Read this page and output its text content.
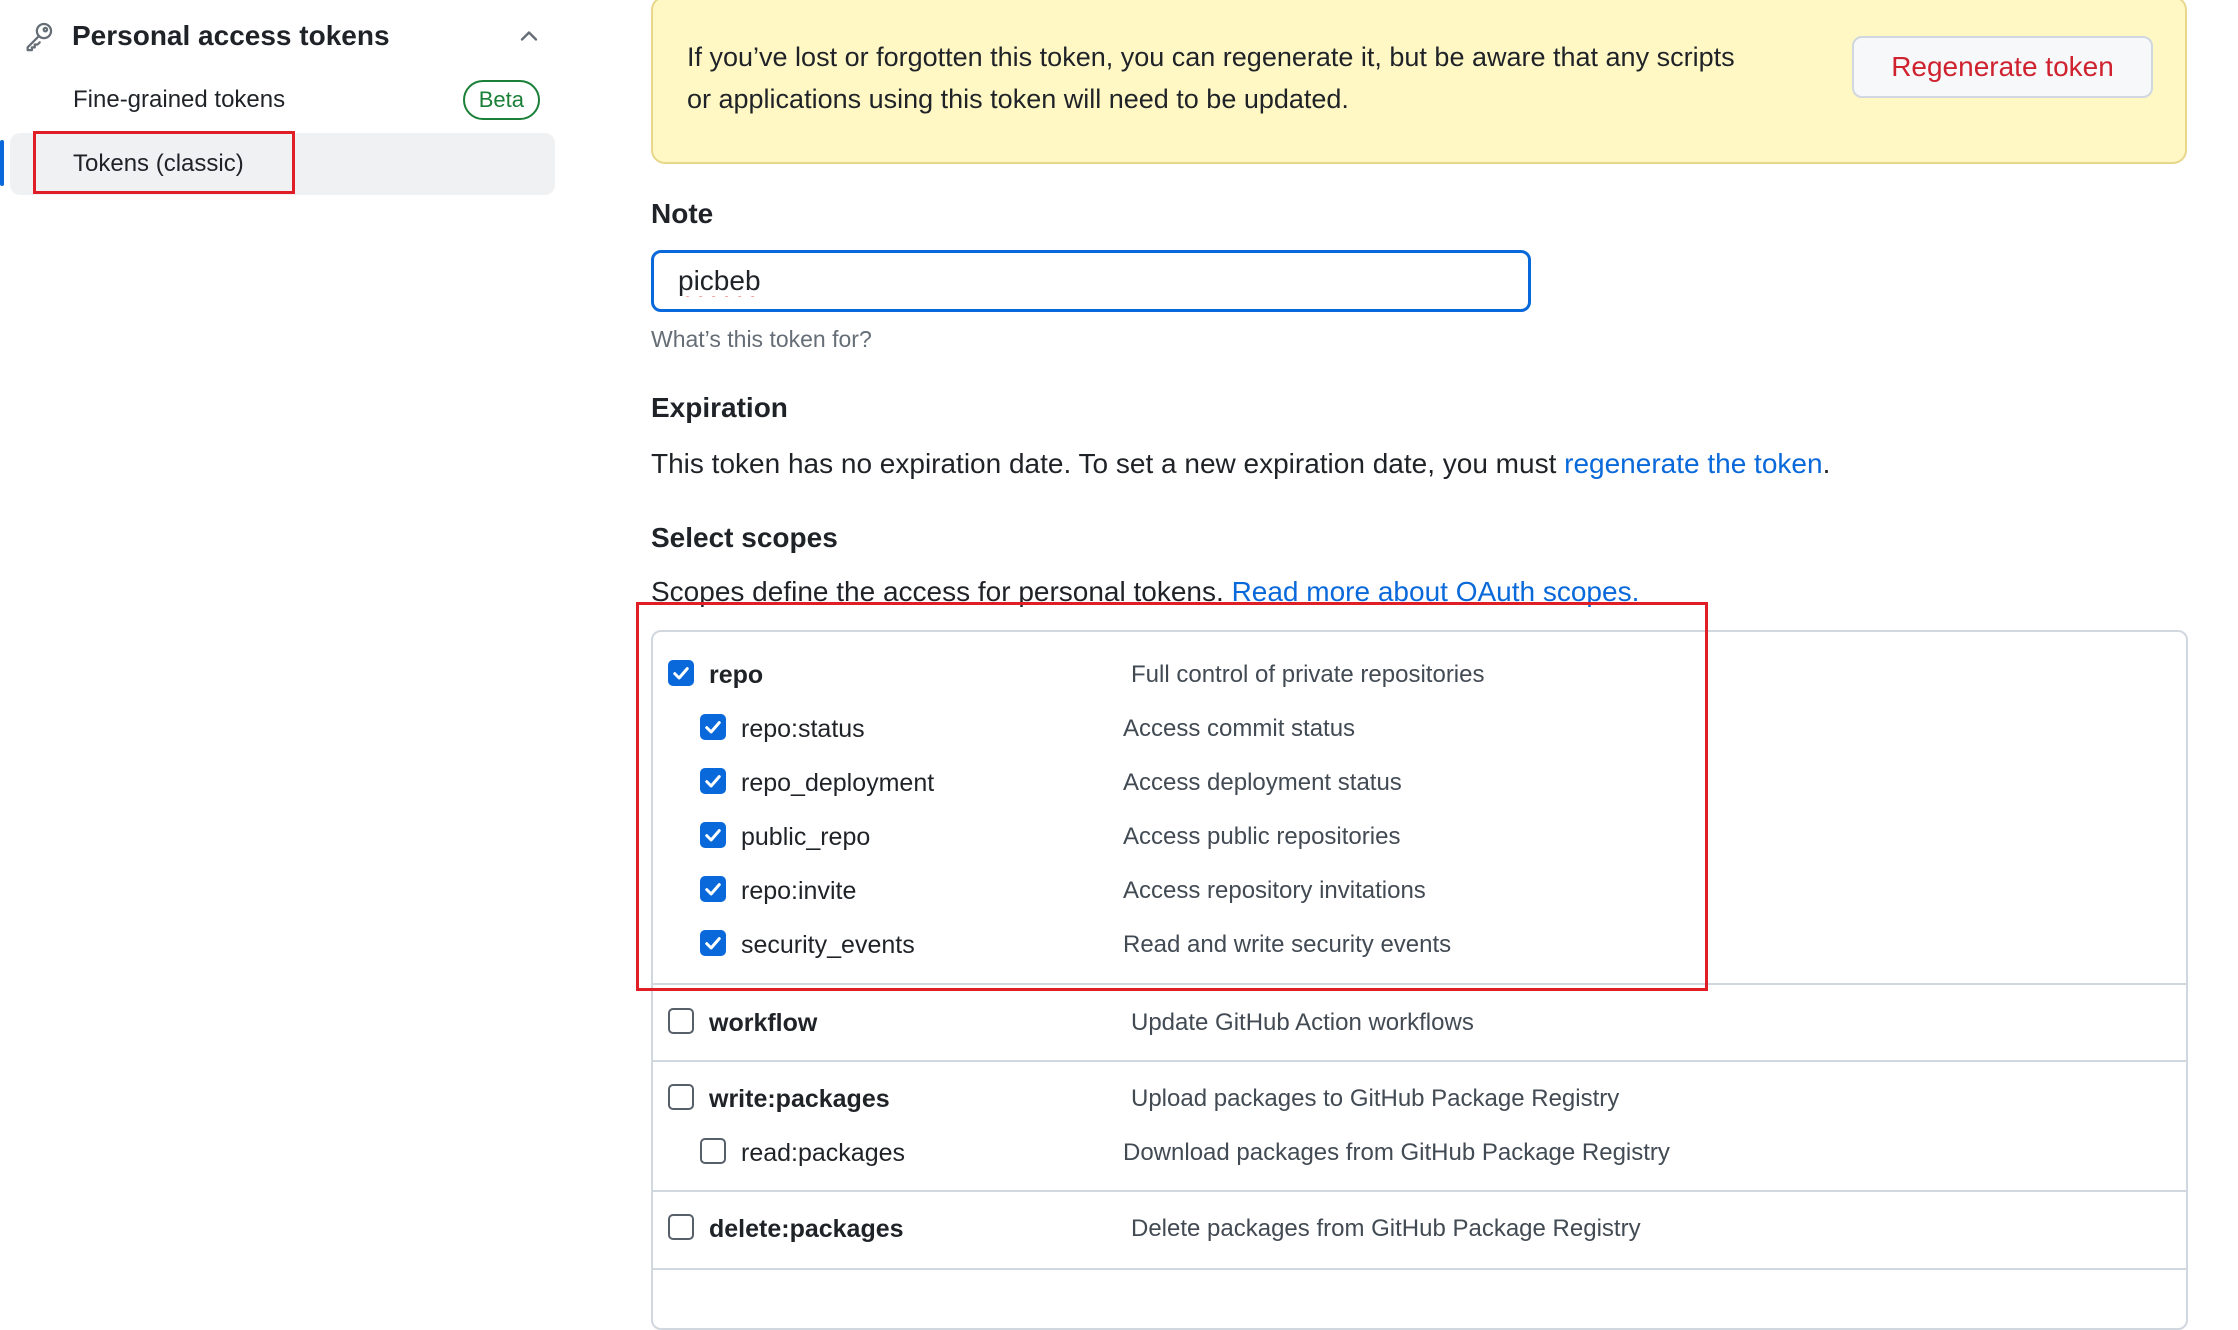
Personal access tokens
Fine-grained tokens	Beta
Tokens (classic)
If you’ve lost or forgotten this token, you can regenerate it, but be aware that any scripts or applications using this token will need to be updated.
Regenerate token
Note
picbeb
What’s this token for?
Expiration
This token has no expiration date. To set a new expiration date, you must regenerate the token.
Select scopes
Scopes define the access for personal tokens. Read more about OAuth scopes.
repo	Full control of private repositories
repo:status	Access commit status
repo_deployment	Access deployment status
public_repo	Access public repositories
repo:invite	Access repository invitations
security_events	Read and write security events
workflow	Update GitHub Action workflows
write:packages	Upload packages to GitHub Package Registry
read:packages	Download packages from GitHub Package Registry
delete:packages	Delete packages from GitHub Package Registry
